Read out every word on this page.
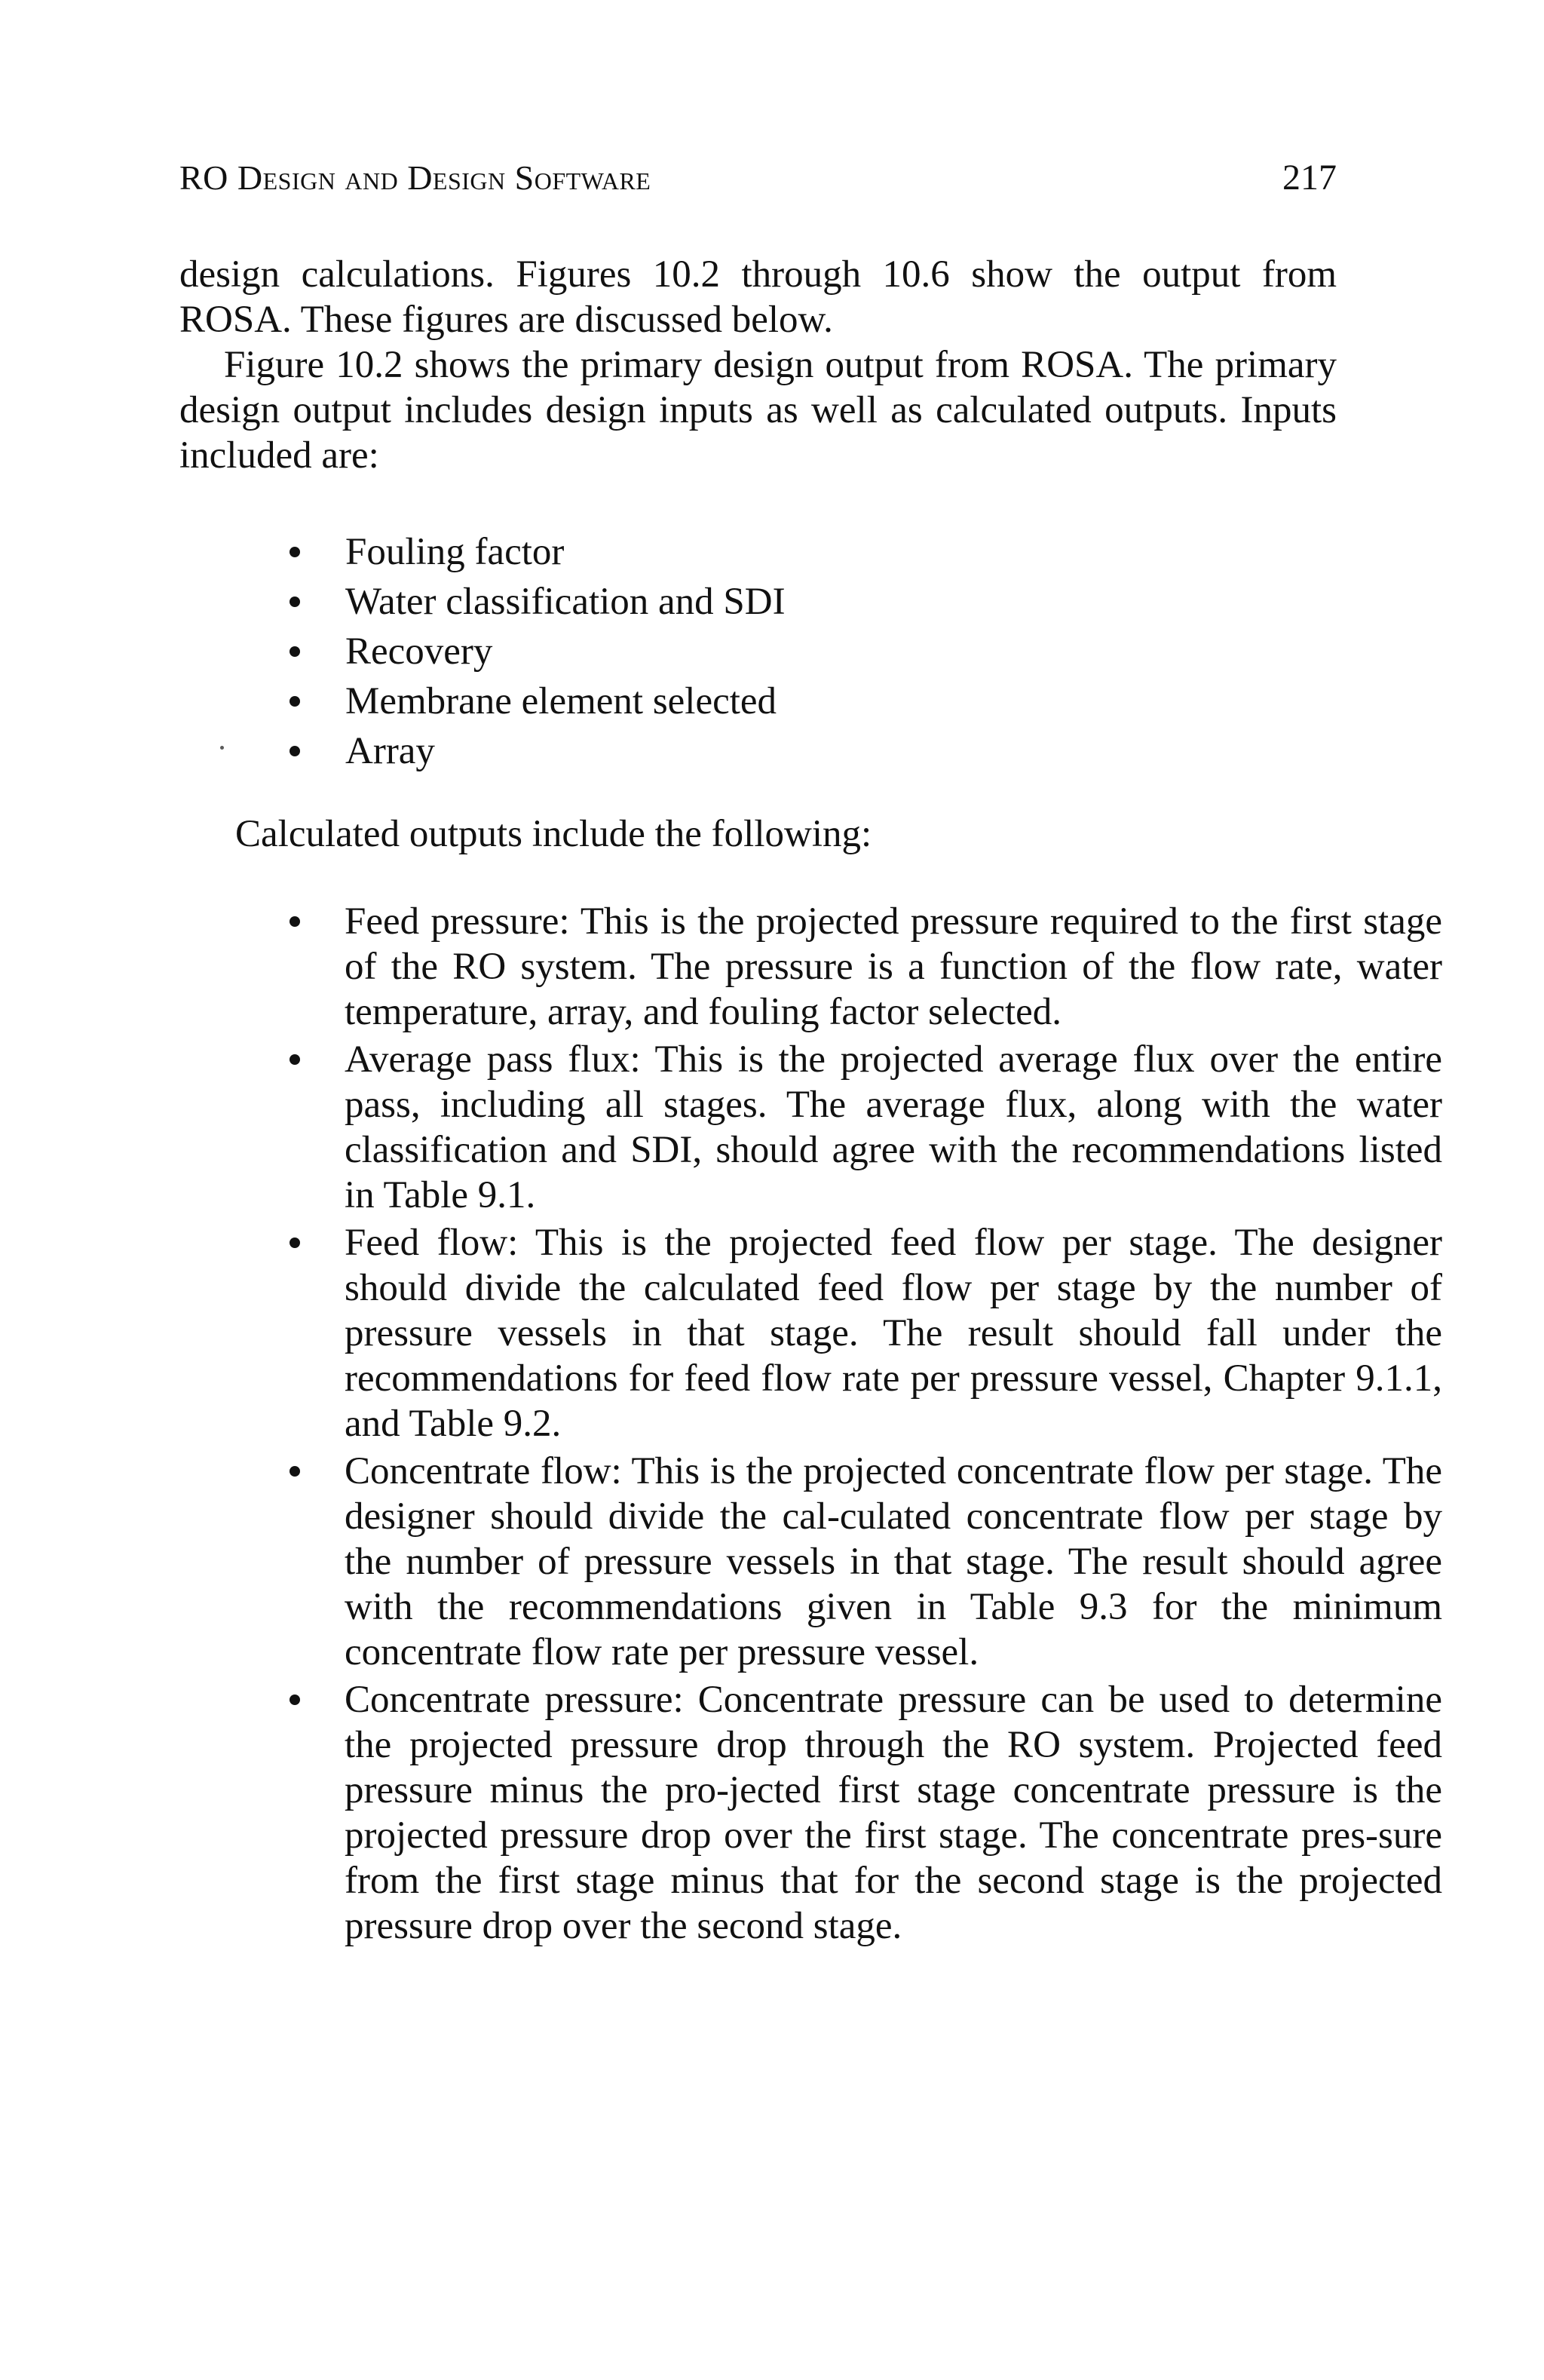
RO Design and Design Software	217

design calculations. Figures 10.2 through 10.6 show the output from ROSA. These figures are discussed below.

Figure 10.2 shows the primary design output from ROSA. The primary design output includes design inputs as well as calculated outputs. Inputs included are:

Fouling factor
Water classification and SDI
Recovery
Membrane element selected
Array

Calculated outputs include the following:

Feed pressure: This is the projected pressure required to the first stage of the RO system. The pressure is a function of the flow rate, water temperature, array, and fouling factor selected.
Average pass flux: This is the projected average flux over the entire pass, including all stages. The average flux, along with the water classification and SDI, should agree with the recommendations listed in Table 9.1.
Feed flow: This is the projected feed flow per stage. The designer should divide the calculated feed flow per stage by the number of pressure vessels in that stage. The result should fall under the recommendations for feed flow rate per pressure vessel, Chapter 9.1.1, and Table 9.2.
Concentrate flow: This is the projected concentrate flow per stage. The designer should divide the cal-culated concentrate flow per stage by the number of pressure vessels in that stage. The result should agree with the recommendations given in Table 9.3 for the minimum concentrate flow rate per pressure vessel.
Concentrate pressure: Concentrate pressure can be used to determine the projected pressure drop through the RO system. Projected feed pressure minus the pro-jected first stage concentrate pressure is the projected pressure drop over the first stage. The concentrate pres-sure from the first stage minus that for the second stage is the projected pressure drop over the second stage.
